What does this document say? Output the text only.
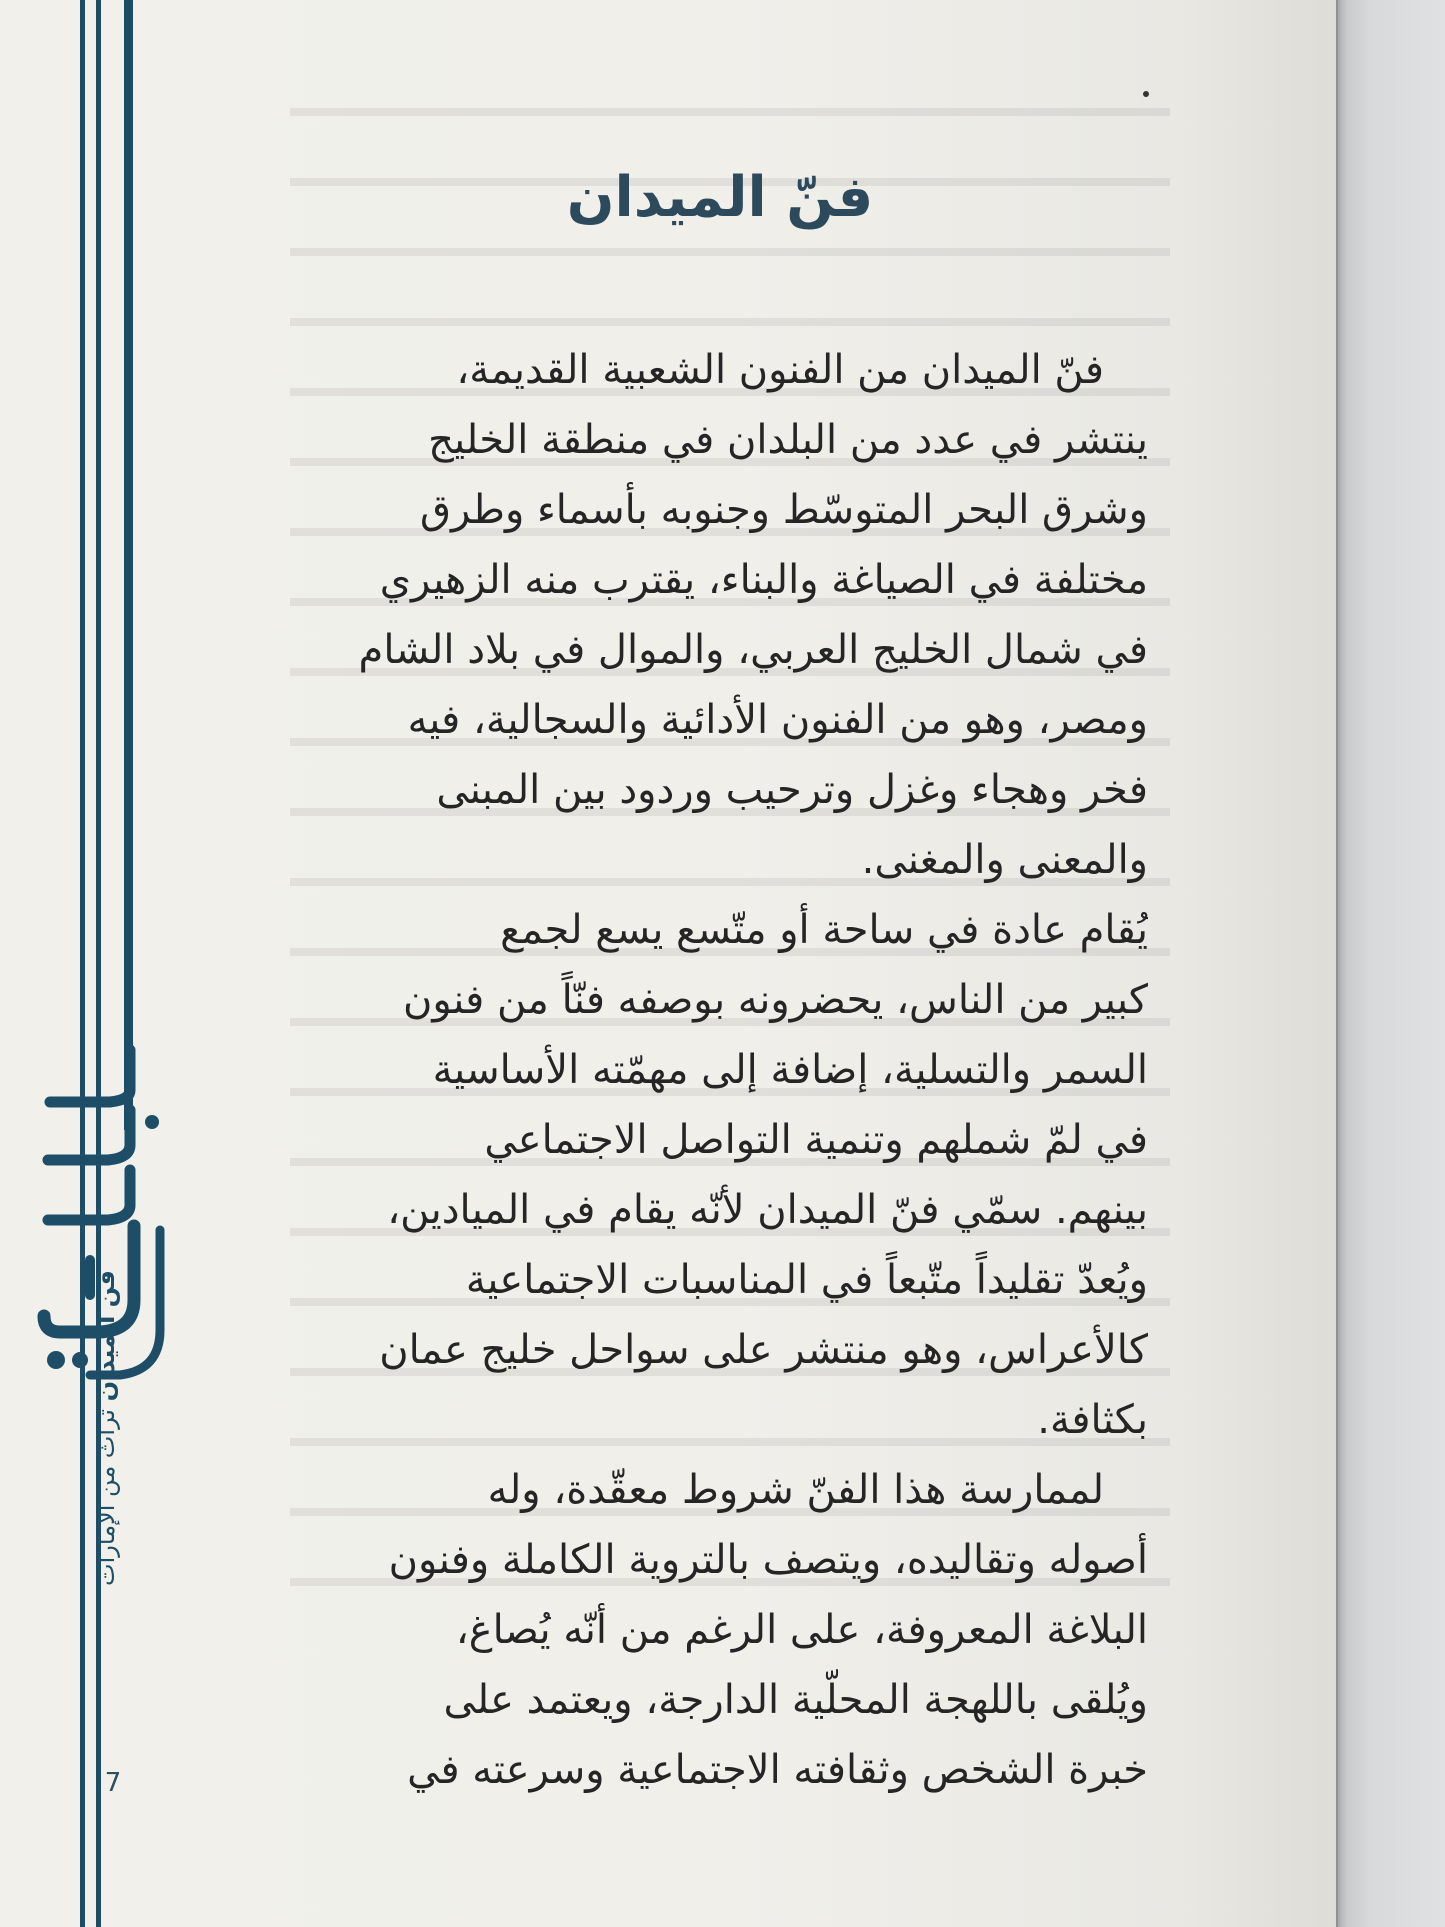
فن الميدان تراث من الإمارات
7
فنّ الميدان
فنّ الميدان من الفنون الشعبية القديمة،
ينتشر في عدد من البلدان في منطقة الخليج
وشرق البحر المتوسّط وجنوبه بأسماء وطرق
مختلفة في الصياغة والبناء، يقترب منه الزهيري
في شمال الخليج العربي، والموال في بلاد الشام
ومصر، وهو من الفنون الأدائية والسجالية، فيه
فخر وهجاء وغزل وترحيب وردود بين المبنى
والمعنى والمغنى.
يُقام عادة في ساحة أو متّسع يسع لجمع
كبير من الناس، يحضرونه بوصفه فنّاً من فنون
السمر والتسلية، إضافة إلى مهمّته الأساسية
في لمّ شملهم وتنمية التواصل الاجتماعي
بينهم. سمّي فنّ الميدان لأنّه يقام في الميادين،
ويُعدّ تقليداً متّبعاً في المناسبات الاجتماعية
كالأعراس، وهو منتشر على سواحل خليج عمان
بكثافة.
لممارسة هذا الفنّ شروط معقّدة، وله
أصوله وتقاليده، ويتصف بالتروية الكاملة وفنون
البلاغة المعروفة، على الرغم من أنّه يُصاغ،
ويُلقى باللهجة المحلّية الدارجة، ويعتمد على
خبرة الشخص وثقافته الاجتماعية وسرعته في
